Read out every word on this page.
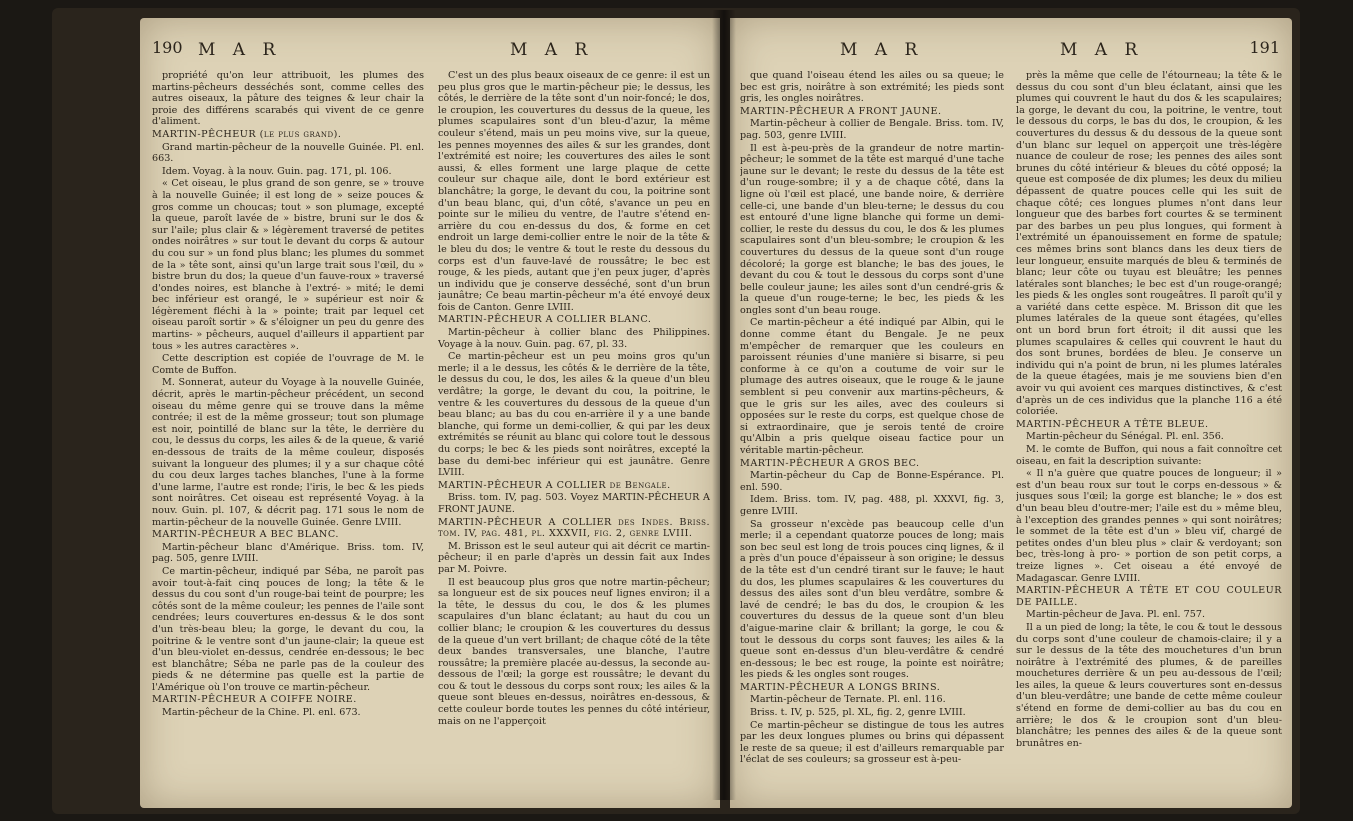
190 M A R	M A R

propriété qu'on leur attribuoit, les plumes des martins-pêcheurs desséchés sont, comme celles des autres oiseaux, la pâture des teignes & leur chair la proie des différens scarabés qui vivent de ce genre d'aliment.

MARTIN-PÊCHEUR (le plus grand).

Grand martin-pêcheur de la nouvelle Guinée. Pl. enl. 663.

Idem. Voyag. à la nouv. Guin. pag. 171, pl. 106.

« Cet oiseau, le plus grand de son genre, se » trouve à la nouvelle Guinée; il est long de » seize pouces & gros comme un choucas; tout » son plumage, excepté la queue, paroît lavée de » bistre, bruni sur le dos & sur l'aile; plus clair & » légèrement traversé de petites ondes noirâtres » sur tout le devant du corps & autour du cou sur » un fond plus blanc; les plumes du sommet de la » tête sont, ainsi qu'un large trait sous l'œil, du » bistre brun du dos; la queue d'un fauve-roux » traversé d'ondes noires, est blanche à l'extré- » mité; le demi bec inférieur est orangé, le » supérieur est noir & légèrement fléchi à la » pointe; trait par lequel cet oiseau paroît sortir » & s'éloigner un peu du genre des martins- » pêcheurs, auquel d'ailleurs il appartient par tous » les autres caractères ».

Cette description est copiée de l'ouvrage de M. le Comte de Buffon.

M. Sonnerat, auteur du Voyage à la nouvelle Guinée, décrit, après le martin-pêcheur précédent, un second oiseau du même genre qui se trouve dans la même contrée; il est de la même grosseur; tout son plumage est noir, pointillé de blanc sur la tête, le derrière du cou, le dessus du corps, les ailes & de la queue, & varié en-dessous de traits de la même couleur, disposés suivant la longueur des plumes; il y a sur chaque côté du cou deux larges taches blanches, l'une à la forme d'une larme, l'autre est ronde; l'iris, le bec & les pieds sont noirâtres. Cet oiseau est représenté Voyag. à la nouv. Guin. pl. 107, & décrit pag. 171 sous le nom de martin-pêcheur de la nouvelle Guinée. Genre LVIII.

MARTIN-PÊCHEUR A BEC BLANC.

Martin-pêcheur blanc d'Amérique. Briss. tom. IV, pag. 505, genre LVIII.

Ce martin-pêcheur, indiqué par Séba, ne paroît pas avoir tout-à-fait cinq pouces de long; la tête & le dessus du cou sont d'un rouge-bai teint de pourpre; les côtés sont de la même couleur; les pennes de l'aile sont cendrées; leurs couvertures en-dessus & le dos sont d'un très-beau bleu; la gorge, le devant du cou, la poitrine & le ventre sont d'un jaune-clair; la queue est d'un bleu-violet en-dessus, cendrée en-dessous; le bec est blanchâtre; Séba ne parle pas de la couleur des pieds & ne détermine pas quelle est la partie de l'Amérique où l'on trouve ce martin-pêcheur.

MARTIN-PÊCHEUR A COIFFE NOIRE.

Martin-pêcheur de la Chine. Pl. enl. 673.

C'est un des plus beaux oiseaux de ce genre: il est un peu plus gros que le martin-pêcheur pie; le dessus, les côtés, le derrière de la tête sont d'un noir-foncé; le dos, le croupion, les couvertures du dessus de la queue, les plumes scapulaires sont d'un bleu-d'azur, la même couleur s'étend, mais un peu moins vive, sur la queue, les pennes moyennes des ailes & sur les grandes, dont l'extrémité est noire; les couvertures des ailes le sont aussi, & elles forment une large plaque de cette couleur sur chaque aile, dont le bord extérieur est blanchâtre; la gorge, le devant du cou, la poitrine sont d'un beau blanc, qui, d'un côté, s'avance un peu en pointe sur le milieu du ventre, de l'autre s'étend en-arrière du cou en-dessus du dos, & forme en cet endroit un large demi-collier entre le noir de la tête & le bleu du dos; le ventre & tout le reste du dessous du corps est d'un fauve-lavé de roussâtre; le bec est rouge, & les pieds, autant que j'en peux juger, d'après un individu que je conserve desséché, sont d'un brun jaunâtre; Ce beau martin-pêcheur m'a été envoyé deux fois de Canton. Genre LVIII.

MARTIN-PÊCHEUR A COLLIER BLANC.

Martin-pêcheur à collier blanc des Philippines. Voyage à la nouv. Guin. pag. 67, pl. 33.

Ce martin-pêcheur est un peu moins gros qu'un merle; il a le dessus, les côtés & le derrière de la tête, le dessus du cou, le dos, les ailes & la queue d'un bleu verdâtre; la gorge, le devant du cou, la poitrine, le ventre & les couvertures du dessous de la queue d'un beau blanc; au bas du cou en-arrière il y a une bande blanche, qui forme un demi-collier, & qui par les deux extrémités se réunit au blanc qui colore tout le dessous du corps; le bec & les pieds sont noirâtres, excepté la base du demi-bec inférieur qui est jaunâtre. Genre LVIII.

MARTIN-PÊCHEUR A COLLIER de Bengale.

Briss. tom. IV, pag. 503. Voyez MARTIN-PÊCHEUR A FRONT JAUNE.

MARTIN-PÊCHEUR A COLLIER des Indes. Briss. tom. IV, pag. 481, pl. XXXVII, fig. 2, genre LVIII.

M. Brisson est le seul auteur qui ait décrit ce martin-pêcheur; il en parle d'après un dessin fait aux Indes par M. Poivre.

Il est beaucoup plus gros que notre martin-pêcheur; sa longueur est de six pouces neuf lignes environ; il a la tête, le dessus du cou, le dos & les plumes scapulaires d'un blanc éclatant; au haut du cou un collier blanc; le croupion & les couvertures du dessus de la queue d'un vert brillant; de chaque côté de la tête deux bandes transversales, une blanche, l'autre roussâtre; la première placée au-dessus, la seconde au-dessous de l'œil; la gorge est roussâtre; le devant du cou & tout le dessous du corps sont roux; les ailes & la queue sont bleues en-dessus, noirâtres en-dessous, & cette couleur borde toutes les pennes du côté intérieur, mais on ne l'apperçoit

M A R	M A R	191

que quand l'oiseau étend les ailes ou sa queue; le bec est gris, noirâtre à son extrémité; les pieds sont gris, les ongles noirâtres.

MARTIN-PÊCHEUR A FRONT JAUNE.

Martin-pêcheur à collier de Bengale. Briss. tom. IV, pag. 503, genre LVIII.

Il est à-peu-près de la grandeur de notre martin-pêcheur; le sommet de la tête est marqué d'une tache jaune sur le devant; le reste du dessus de la tête est d'un rouge-sombre; il y a de chaque côté, dans la ligne où l'œil est placé, une bande noire, & derrière celle-ci, une bande d'un bleu-terne; le dessus du cou est entouré d'une ligne blanche qui forme un demi-collier, le reste du dessus du cou, le dos & les plumes scapulaires sont d'un bleu-sombre; le croupion & les couvertures du dessus de la queue sont d'un rouge décoloré; la gorge est blanche; le bas des joues, le devant du cou & tout le dessous du corps sont d'une belle couleur jaune; les ailes sont d'un cendré-gris & la queue d'un rouge-terne; le bec, les pieds & les ongles sont d'un beau rouge.

Ce martin-pêcheur a été indiqué par Albin, qui le donne comme étant du Bengale. Je ne peux m'empêcher de remarquer que les couleurs en paroissent réunies d'une manière si bisarre, si peu conforme à ce qu'on a coutume de voir sur le plumage des autres oiseaux, que le rouge & le jaune semblent si peu convenir aux martins-pêcheurs, & que le gris sur les ailes, avec des couleurs si opposées sur le reste du corps, est quelque chose de si extraordinaire, que je serois tenté de croire qu'Albin a pris quelque oiseau factice pour un véritable martin-pêcheur.

MARTIN-PÊCHEUR A GROS BEC.

Martin-pêcheur du Cap de Bonne-Espérance. Pl. enl. 590.

Idem. Briss. tom. IV, pag. 488, pl. XXXVI, fig. 3, genre LVIII.

Sa grosseur n'excède pas beaucoup celle d'un merle; il a cependant quatorze pouces de long; mais son bec seul est long de trois pouces cinq lignes, & il a près d'un pouce d'épaisseur à son origine; le dessus de la tête est d'un cendré tirant sur le fauve; le haut du dos, les plumes scapulaires & les couvertures du dessus des ailes sont d'un bleu verdâtre, sombre & lavé de cendré; le bas du dos, le croupion & les couvertures du dessus de la queue sont d'un bleu d'aigue-marine clair & brillant; la gorge, le cou & tout le dessous du corps sont fauves; les ailes & la queue sont en-dessus d'un bleu-verdâtre & cendré en-dessous; le bec est rouge, la pointe est noirâtre; les pieds & les ongles sont rouges.

MARTIN-PÊCHEUR A LONGS BRINS.

Martin-pêcheur de Ternate. Pl. enl. 116.

Briss. t. IV, p. 525, pl. XL, fig. 2, genre LVIII.

Ce martin-pêcheur se distingue de tous les autres par les deux longues plumes ou brins qui dépassent le reste de sa queue; il est d'ailleurs remarquable par l'éclat de ses couleurs; sa grosseur est à-peu-

près la même que celle de l'étourneau; la tête & le dessus du cou sont d'un bleu éclatant, ainsi que les plumes qui couvrent le haut du dos & les scapulaires; la gorge, le devant du cou, la poitrine, le ventre, tout le dessous du corps, le bas du dos, le croupion, & les couvertures du dessus & du dessous de la queue sont d'un blanc sur lequel on apperçoit une très-légère nuance de couleur de rose; les pennes des ailes sont brunes du côté intérieur & bleues du côté opposé; la queue est composée de dix plumes; les deux du milieu dépassent de quatre pouces celle qui les suit de chaque côté; ces longues plumes n'ont dans leur longueur que des barbes fort courtes & se terminent par des barbes un peu plus longues, qui forment à l'extrémité un épanouissement en forme de spatule; ces mêmes brins sont blancs dans les deux tiers de leur longueur, ensuite marqués de bleu & terminés de blanc; leur côte ou tuyau est bleuâtre; les pennes latérales sont blanches; le bec est d'un rouge-orangé; les pieds & les ongles sont rougeâtres. Il paroît qu'il y a variété dans cette espèce. M. Brisson dit que les plumes latérales de la queue sont étagées, qu'elles ont un bord brun fort étroit; il dit aussi que les plumes scapulaires & celles qui couvrent le haut du dos sont brunes, bordées de bleu. Je conserve un individu qui n'a point de brun, ni les plumes latérales de la queue étagées, mais je me souviens bien d'en avoir vu qui avoient ces marques distinctives, & c'est d'après un de ces individus que la planche 116 a été coloriée.

MARTIN-PÊCHEUR A TÊTE BLEUE.

Martin-pêcheur du Sénégal. Pl. enl. 356.

M. le comte de Buffon, qui nous a fait connoître cet oiseau, en fait la description suivante:

« Il n'a guère que quatre pouces de longueur; il » est d'un beau roux sur tout le corps en-dessous » & jusques sous l'œil; la gorge est blanche; le » dos est d'un beau bleu d'outre-mer; l'aile est du » même bleu, à l'exception des grandes pennes » qui sont noirâtres; le sommet de la tête est d'un » bleu vif, chargé de petites ondes d'un bleu plus » clair & verdoyant; son bec, très-long à pro- » portion de son petit corps, a treize lignes ». Cet oiseau a été envoyé de Madagascar. Genre LVIII.

MARTIN-PÊCHEUR A TÊTE ET COU COULEUR DE PAILLE.

Martin-pêcheur de Java. Pl. enl. 757.

Il a un pied de long; la tête, le cou & tout le dessous du corps sont d'une couleur de chamois-claire; il y a sur le dessus de la tête des mouchetures d'un brun noirâtre à l'extrémité des plumes, & de pareilles mouchetures derrière & un peu au-dessous de l'œil; les ailes, la queue & leurs couvertures sont en-dessus d'un bleu-verdâtre; une bande de cette même couleur s'étend en forme de demi-collier au bas du cou en arrière; le dos & le croupion sont d'un bleu-blanchâtre; les pennes des ailes & de la queue sont brunâtres en-
